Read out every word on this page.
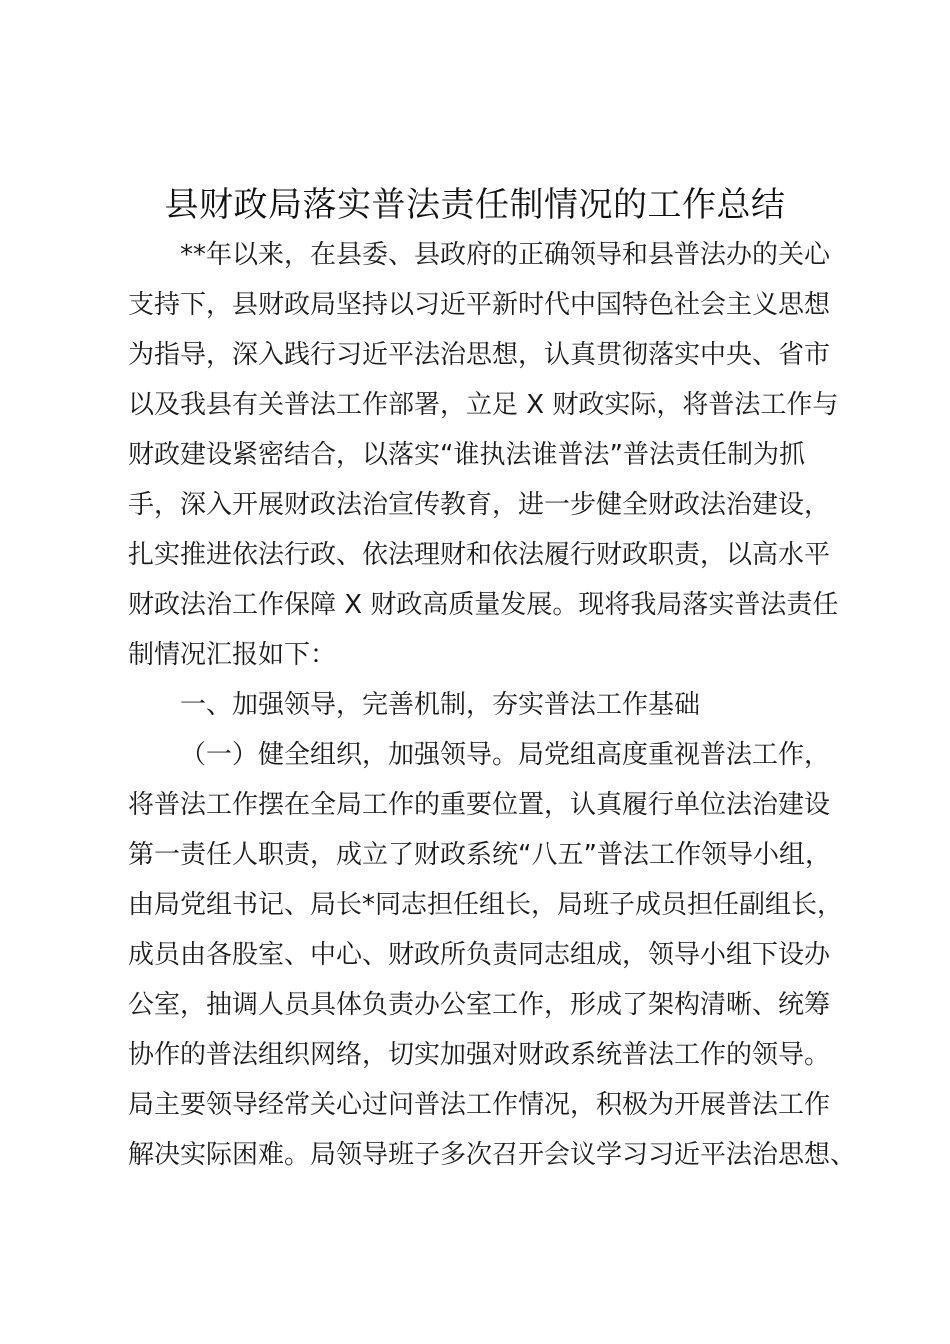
县财政局落实普法责任制情况的工作总结
**年以来，在县委、县政府的正确领导和县普法办的关心
支持下，县财政局坚持以习近平新时代中国特色社会主义思想
为指导，深入践行习近平法治思想，认真贯彻落实中央、省市
以及我县有关普法工作部署，立足 X 财政实际，将普法工作与
财政建设紧密结合，以落实“谁执法谁普法”普法责任制为抓
手，深入开展财政法治宣传教育，进一步健全财政法治建设，
扎实推进依法行政、依法理财和依法履行财政职责，以高水平
财政法治工作保障 X 财政高质量发展。现将我局落实普法责任
制情况汇报如下：
一、加强领导，完善机制，夯实普法工作基础
（一）健全组织，加强领导。局党组高度重视普法工作，
将普法工作摆在全局工作的重要位置，认真履行单位法治建设
第一责任人职责，成立了财政系统“八五”普法工作领导小组，
由局党组书记、局长*同志担任组长，局班子成员担任副组长，
成员由各股室、中心、财政所负责同志组成，领导小组下设办
公室，抽调人员具体负责办公室工作，形成了架构清晰、统筹
协作的普法组织网络，切实加强对财政系统普法工作的领导。
局主要领导经常关心过问普法工作情况，积极为开展普法工作
解决实际困难。局领导班子多次召开会议学习习近平法治思想、
